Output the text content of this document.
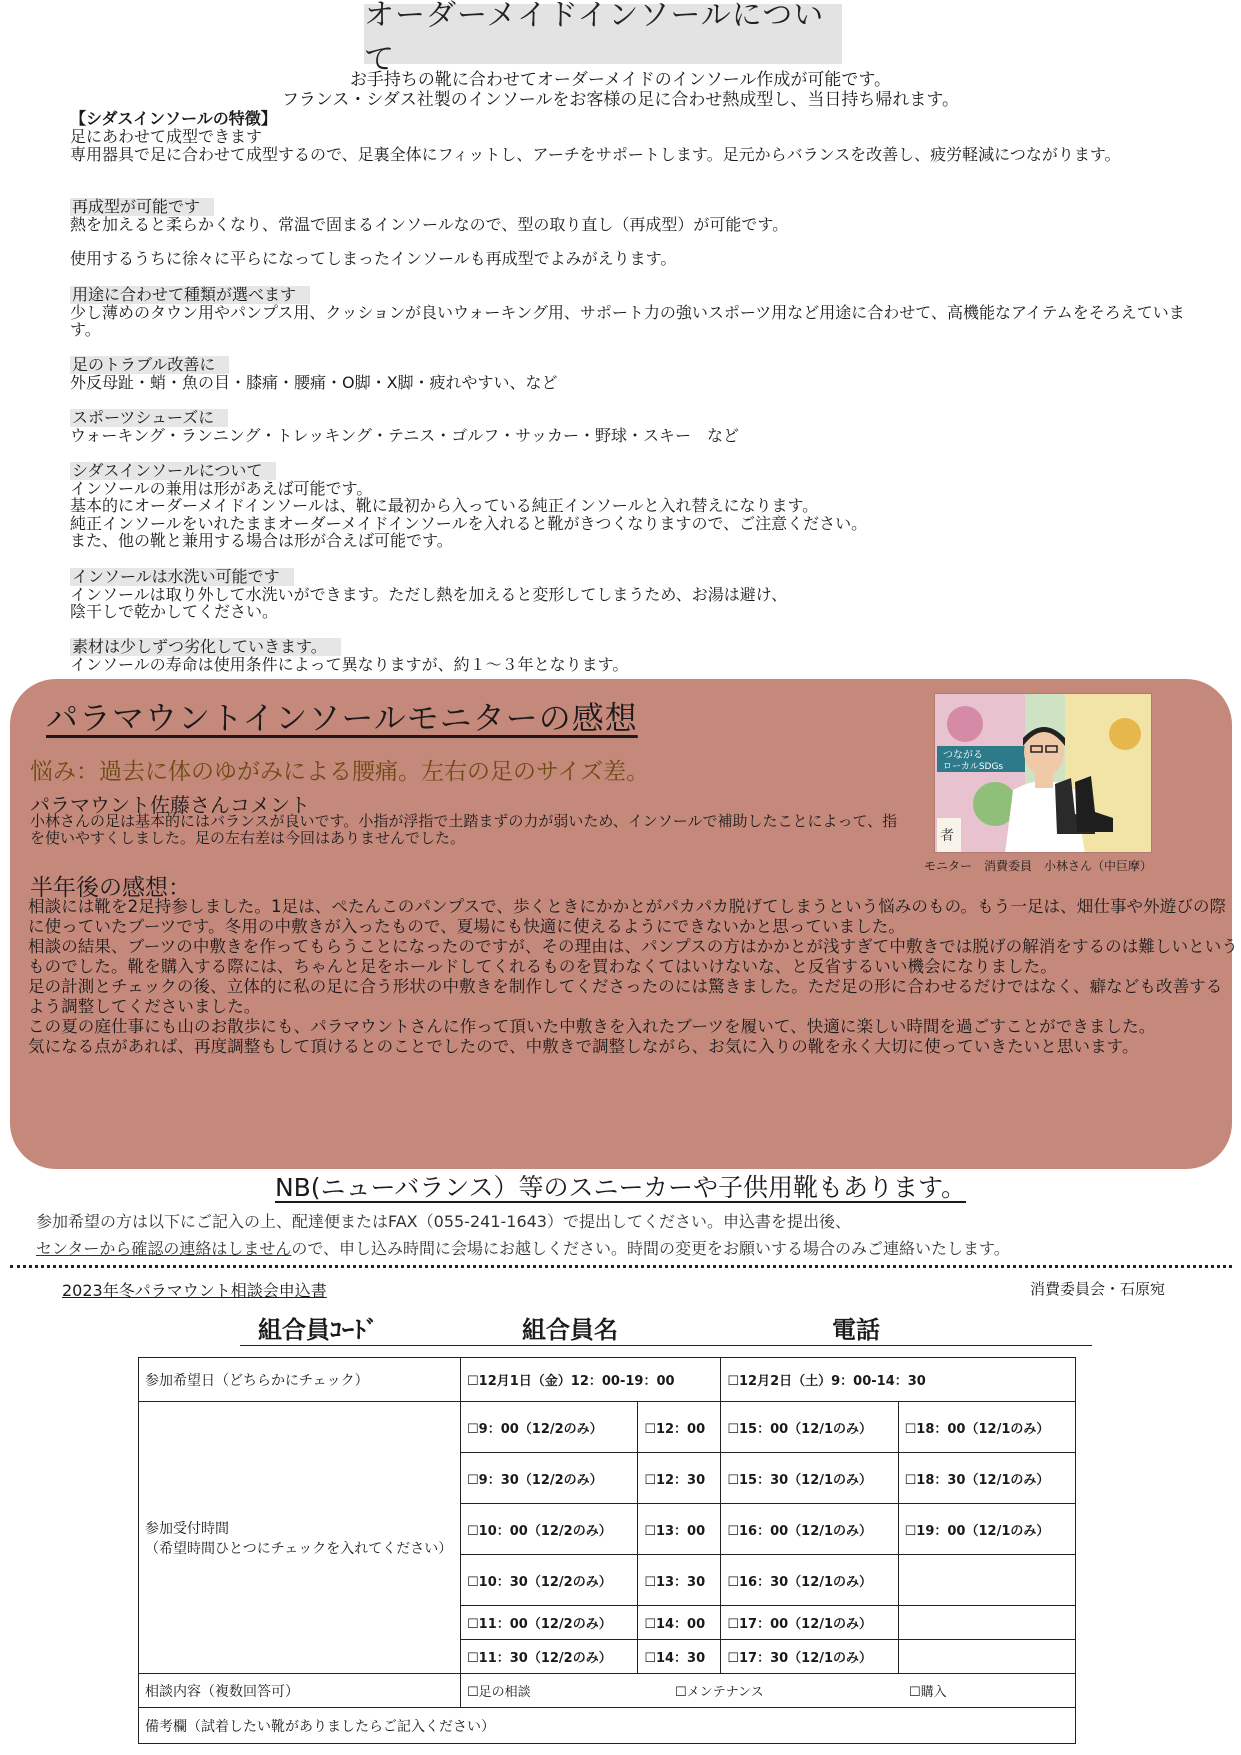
オーダーメイドインソールについて
お手持ちの靴に合わせてオーダーメイドのインソール作成が可能です。
フランス・シダス社製のインソールをお客様の足に合わせ熱成型し、当日持ち帰れます。
【シダスインソールの特徴】
足にあわせて成型できます
専用器具で足に合わせて成型するので、足裏全体にフィットし、アーチをサポートします。足元からバランスを改善し、疲労軽減につながります。
再成型が可能です
熱を加えると柔らかくなり、常温で固まるインソールなので、型の取り直し（再成型）が可能です。
使用するうちに徐々に平らになってしまったインソールも再成型でよみがえります。
用途に合わせて種類が選べます
少し薄めのタウン用やパンプス用、クッションが良いウォーキング用、サポート力の強いスポーツ用など用途に合わせて、高機能なアイテムをそろえています。
足のトラブル改善に
外反母趾・蛸・魚の目・膝痛・腰痛・O脚・X脚・疲れやすい、など
スポーツシューズに
ウォーキング・ランニング・トレッキング・テニス・ゴルフ・サッカー・野球・スキー　など
シダスインソールについて
インソールの兼用は形があえば可能です。
基本的にオーダーメイドインソールは、靴に最初から入っている純正インソールと入れ替えになります。
純正インソールをいれたままオーダーメイドインソールを入れると靴がきつくなりますので、ご注意ください。
また、他の靴と兼用する場合は形が合えば可能です。
インソールは水洗い可能です
インソールは取り外して水洗いができます。ただし熱を加えると変形してしまうため、お湯は避け、
陰干しで乾かしてください。
素材は少しずつ劣化していきます。
インソールの寿命は使用条件によって異なりますが、約１～３年となります。
パラマウントインソールモニターの感想
悩み：過去に体のゆがみによる腰痛。左右の足のサイズ差。
パラマウント佐藤さんコメント
小林さんの足は基本的にはバランスが良いです。小指が浮指で土踏まずの力が弱いため、インソールで補助したことによって、指を使いやすくしました。足の左右差は今回はありませんでした。
つながる
ローカルSDGs
者
モニター　消費委員　小林さん（中巨摩）
半年後の感想：
相談には靴を2足持参しました。1足は、ぺたんこのパンプスで、歩くときにかかとがパカパカ脱げてしまうという悩みのもの。もう一足は、畑仕事や外遊びの際に使っていたブーツです。冬用の中敷きが入ったもので、夏場にも快適に使えるようにできないかと思っていました。
相談の結果、ブーツの中敷きを作ってもらうことになったのですが、その理由は、パンプスの方はかかとが浅すぎて中敷きでは脱げの解消をするのは難しいというものでした。靴を購入する際には、ちゃんと足をホールドしてくれるものを買わなくてはいけないな、と反省するいい機会になりました。
足の計測とチェックの後、立体的に私の足に合う形状の中敷きを制作してくださったのには驚きました。ただ足の形に合わせるだけではなく、癖なども改善するよう調整してくださいました。
この夏の庭仕事にも山のお散歩にも、パラマウントさんに作って頂いた中敷きを入れたブーツを履いて、快適に楽しい時間を過ごすことができました。
気になる点があれば、再度調整もして頂けるとのことでしたので、中敷きで調整しながら、お気に入りの靴を永く大切に使っていきたいと思います。
NB(ニューバランス）等のスニーカーや子供用靴もあります。
参加希望の方は以下にご記入の上、配達便またはFAX（055-241-1643）で提出してください。申込書を提出後、
センターから確認の連絡はしませんので、申し込み時間に会場にお越しください。時間の変更をお願いする場合のみご連絡いたします。
2023年冬パラマウント相談会申込書	消費委員会・石原宛
組合員ｺｰﾄﾞ	組合員名	電話
参加希望日（どちらかにチェック）	☐12月1日（金）12：00-19：00		☐12月2日（土）9：00-14：30	

参加受付時間
（希望時間ひとつにチェックを入れてください）	☐9：00（12/2のみ）	☐12：00	☐15：00（12/1のみ）	☐18：00（12/1のみ）
	☐9：30（12/2のみ）	☐12：30	☐15：30（12/1のみ）	☐18：30（12/1のみ）
	☐10：00（12/2のみ）	☐13：00	☐16：00（12/1のみ）	☐19：00（12/1のみ）
	☐10：30（12/2のみ）	☐13：30	☐16：30（12/1のみ）	
	☐11：00（12/2のみ）	☐14：00	☐17：00（12/1のみ）	
	☐11：30（12/2のみ）	☐14：30	☐17：30（12/1のみ）	
相談内容（複数回答可）	☐足の相談 ☐メンテナンス ☐購入			
備考欄（試着したい靴がありましたらご記入ください）				
